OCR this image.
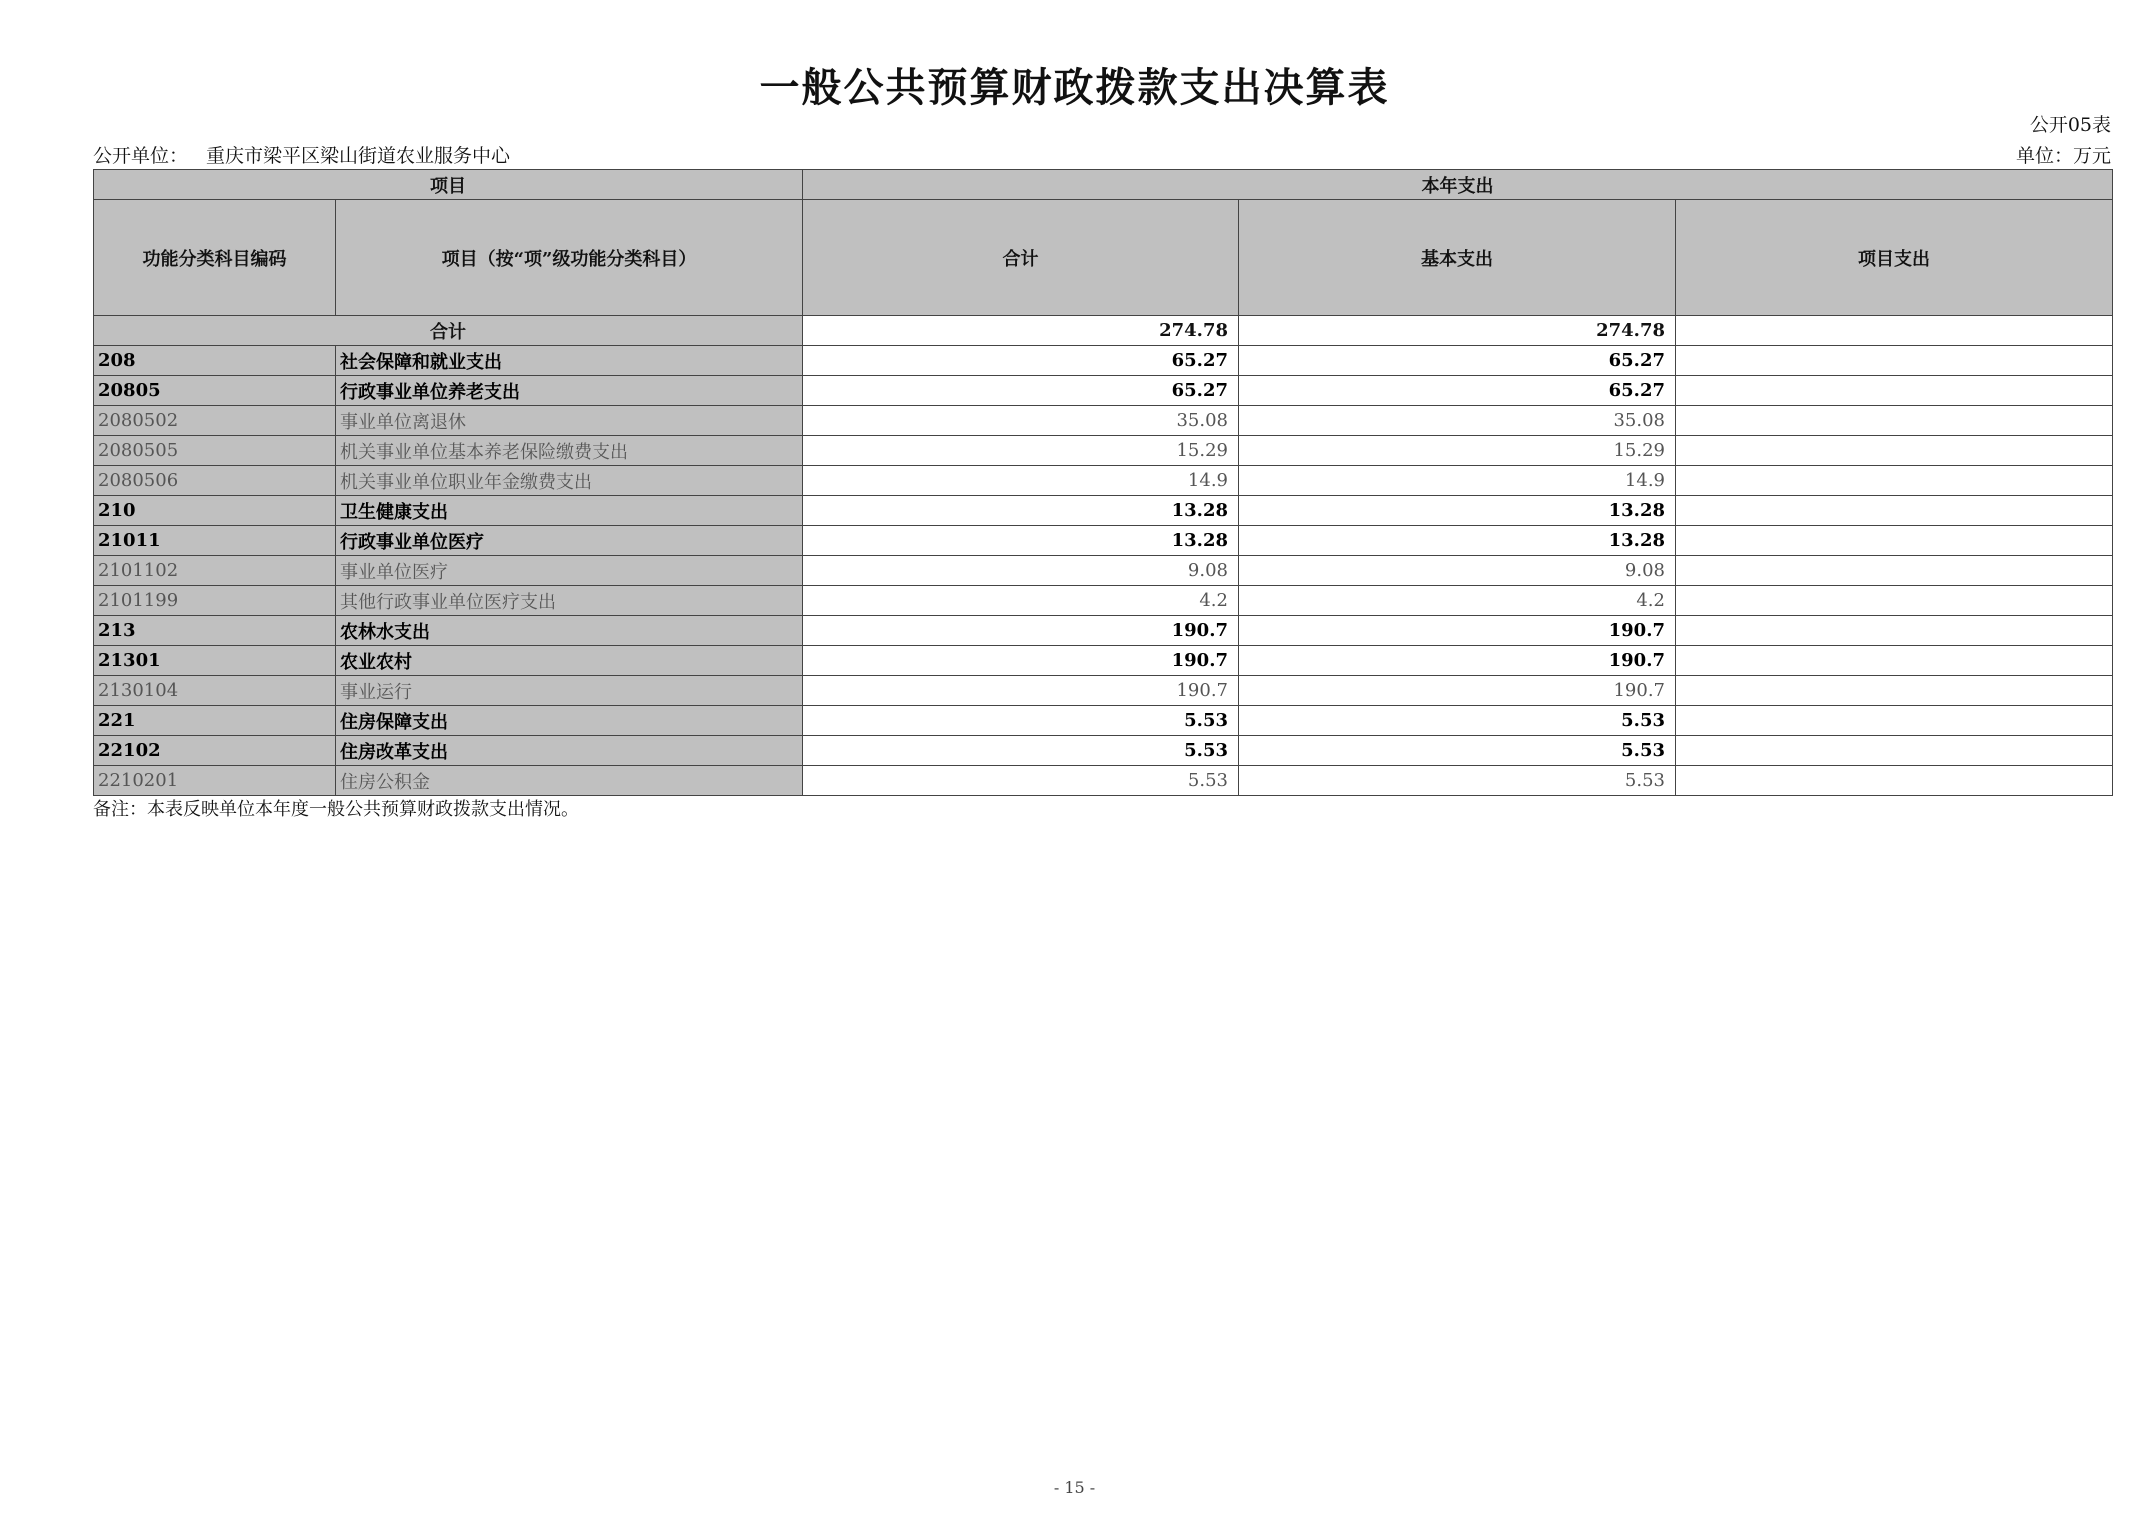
一般公共预算财政拨款支出决算表
公开05表
公开单位： 重庆市梁平区梁山街道农业服务中心	单位：万元
项目		本年支出		
功能分类科目编码	项目（按“项”级功能分类科目）	合计	基本支出	项目支出
合计		274.78	274.78	
208	社会保障和就业支出	65.27	65.27	
20805	行政事业单位养老支出	65.27	65.27	
2080502	事业单位离退休	35.08	35.08	
2080505	机关事业单位基本养老保险缴费支出	15.29	15.29	
2080506	机关事业单位职业年金缴费支出	14.9	14.9	
210	卫生健康支出	13.28	13.28	
21011	行政事业单位医疗	13.28	13.28	
2101102	事业单位医疗	9.08	9.08	
2101199	其他行政事业单位医疗支出	4.2	4.2	
213	农林水支出	190.7	190.7	
21301	农业农村	190.7	190.7	
2130104	事业运行	190.7	190.7	
221	住房保障支出	5.53	5.53	
22102	住房改革支出	5.53	5.53	
2210201	住房公积金	5.53	5.53	
备注：本表反映单位本年度一般公共预算财政拨款支出情况。
- 15 -
